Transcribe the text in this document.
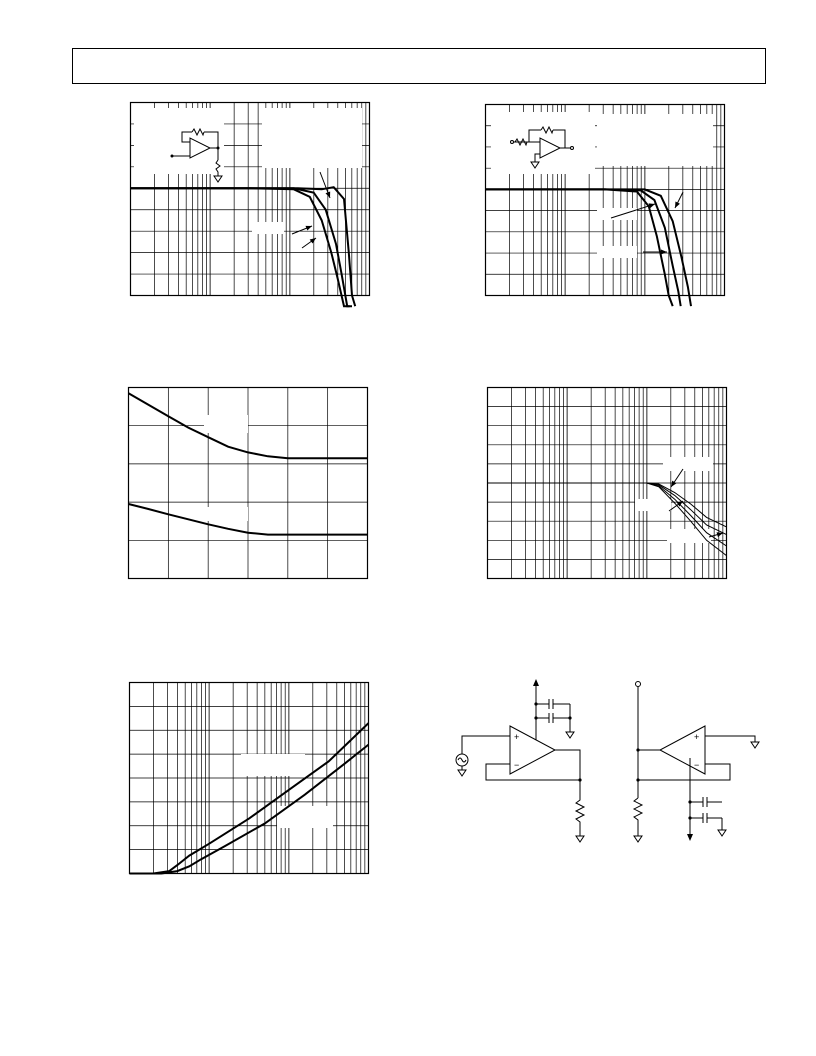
+
−
+
−
